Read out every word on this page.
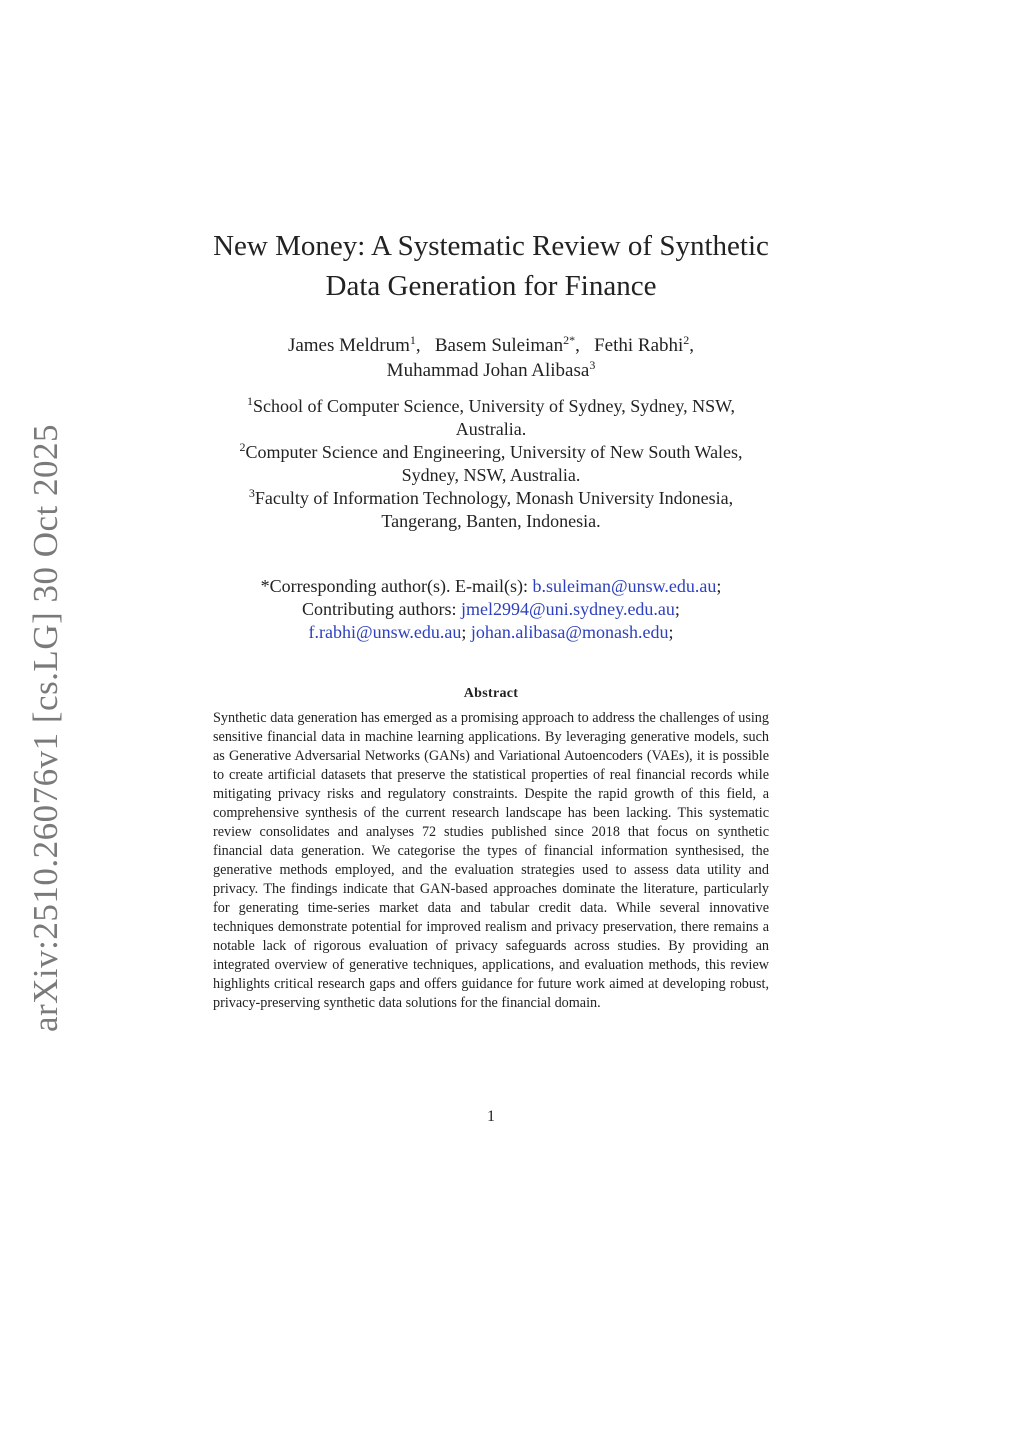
arXiv:2510.26076v1 [cs.LG] 30 Oct 2025
New Money: A Systematic Review of Synthetic
Data Generation for Finance
James Meldrum$^1$,   Basem Suleiman$^{2*}$,   Fethi Rabhi$^2$,
Muhammad Johan Alibasa$^3$
$^1$School of Computer Science, University of Sydney, Sydney, NSW,
Australia.
$^2$Computer Science and Engineering, University of New South Wales,
Sydney, NSW, Australia.
$^3$Faculty of Information Technology, Monash University Indonesia,
Tangerang, Banten, Indonesia.
*Corresponding author(s). E-mail(s): b.suleiman@unsw.edu.au;
Contributing authors: jmel2994@uni.sydney.edu.au;
f.rabhi@unsw.edu.au; johan.alibasa@monash.edu;
Abstract

Synthetic data generation has emerged as a promising approach to address the challenges of using sensitive financial data in machine learning applications. By leveraging generative models, such as Generative Adversarial Networks (GANs) and Variational Autoencoders (VAEs), it is possible to create artificial datasets that preserve the statistical properties of real financial records while mitigating privacy risks and regulatory constraints. Despite the rapid growth of this field, a comprehensive synthesis of the current research landscape has been lacking. This systematic review consolidates and analyses 72 studies published since 2018 that focus on synthetic financial data generation. We categorise the types of financial information synthesised, the generative methods employed, and the evaluation strategies used to assess data utility and privacy. The findings indicate that GAN-based approaches dominate the literature, particularly for generating time-series market data and tabular credit data. While several innovative techniques demonstrate potential for improved realism and privacy preservation, there remains a notable lack of rigorous evaluation of privacy safeguards across studies. By providing an integrated overview of generative techniques, applications, and evaluation methods, this review highlights critical research gaps and offers guidance for future work aimed at developing robust, privacy-preserving synthetic data solutions for the financial domain.

1
